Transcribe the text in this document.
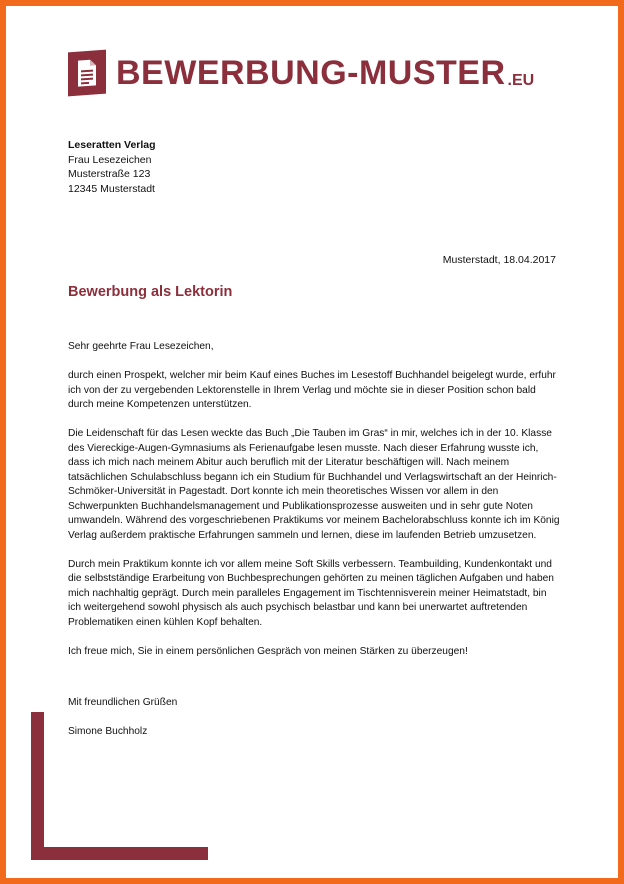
BEWERBUNG-MUSTER .EU
Leseratten Verlag
Frau Lesezeichen
Musterstraße 123
12345 Musterstadt
Musterstadt, 18.04.2017
Bewerbung als Lektorin

Sehr geehrte Frau Lesezeichen,

durch einen Prospekt, welcher mir beim Kauf eines Buches im Lesestoff Buchhandel beigelegt wurde, erfuhr ich von der zu vergebenden Lektorenstelle in Ihrem Verlag und möchte sie in dieser Position schon bald durch meine Kompetenzen unterstützen.

Die Leidenschaft für das Lesen weckte das Buch „Die Tauben im Gras“ in mir, welches ich in der 10. Klasse des Viereckige-Augen-Gymnasiums als Ferienaufgabe lesen musste. Nach dieser Erfahrung wusste ich, dass ich mich nach meinem Abitur auch beruflich mit der Literatur beschäftigen will. Nach meinem tatsächlichen Schulabschluss begann ich ein Studium für Buchhandel und Verlagswirtschaft an der Heinrich-Schmöker-Universität in Pagestadt. Dort konnte ich mein theoretisches Wissen vor allem in den Schwerpunkten Buchhandelsmanagement und Publikationsprozesse ausweiten und in sehr gute Noten umwandeln. Während des vorgeschriebenen Praktikums vor meinem Bachelorabschluss konnte ich im König Verlag außerdem praktische Erfahrungen sammeln und lernen, diese im laufenden Betrieb umzusetzen.

Durch mein Praktikum konnte ich vor allem meine Soft Skills verbessern. Teambuilding, Kundenkontakt und die selbstständige Erarbeitung von Buchbesprechungen gehörten zu meinen täglichen Aufgaben und haben mich nachhaltig geprägt. Durch mein paralleles Engagement im Tischtennisverein meiner Heimatstadt, bin ich weitergehend sowohl physisch als auch psychisch belastbar und kann bei unerwartet auftretenden Problematiken einen kühlen Kopf behalten.

Ich freue mich, Sie in einem persönlichen Gespräch von meinen Stärken zu überzeugen!

Mit freundlichen Grüßen
Simone Buchholz
